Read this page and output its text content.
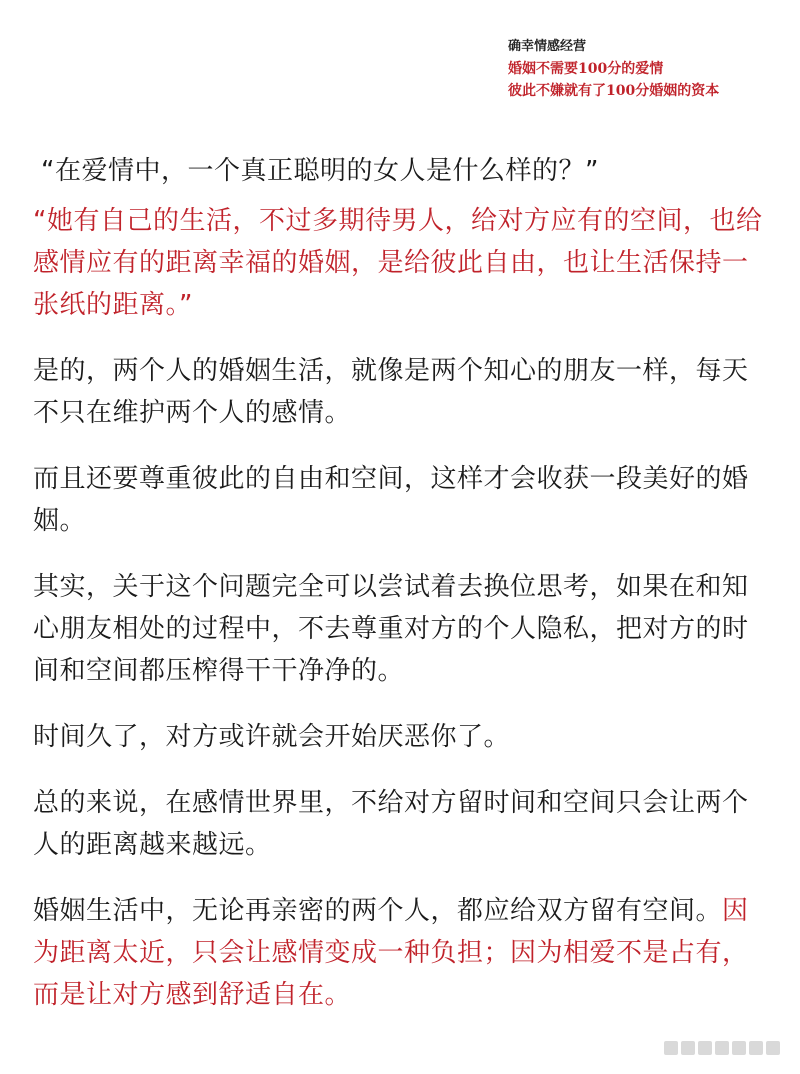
确幸情感经营
婚姻不需要100分的爱情
彼此不嫌就有了100分婚姻的资本

“在爱情中，一个真正聪明的女人是什么样的？”

“她有自己的生活，不过多期待男人，给对方应有的空间，也给感情应有的距离幸福的婚姻，是给彼此自由，也让生活保持一张纸的距离。”

是的，两个人的婚姻生活，就像是两个知心的朋友一样，每天不只在维护两个人的感情。

而且还要尊重彼此的自由和空间，这样才会收获一段美好的婚姻。

其实，关于这个问题完全可以尝试着去换位思考，如果在和知心朋友相处的过程中，不去尊重对方的个人隐私，把对方的时间和空间都压榨得干干净净的。

时间久了，对方或许就会开始厌恶你了。

总的来说，在感情世界里，不给对方留时间和空间只会让两个人的距离越来越远。

婚姻生活中，无论再亲密的两个人，都应给双方留有空间。因为距离太近，只会让感情变成一种负担；因为相爱不是占有，而是让对方感到舒适自在。
